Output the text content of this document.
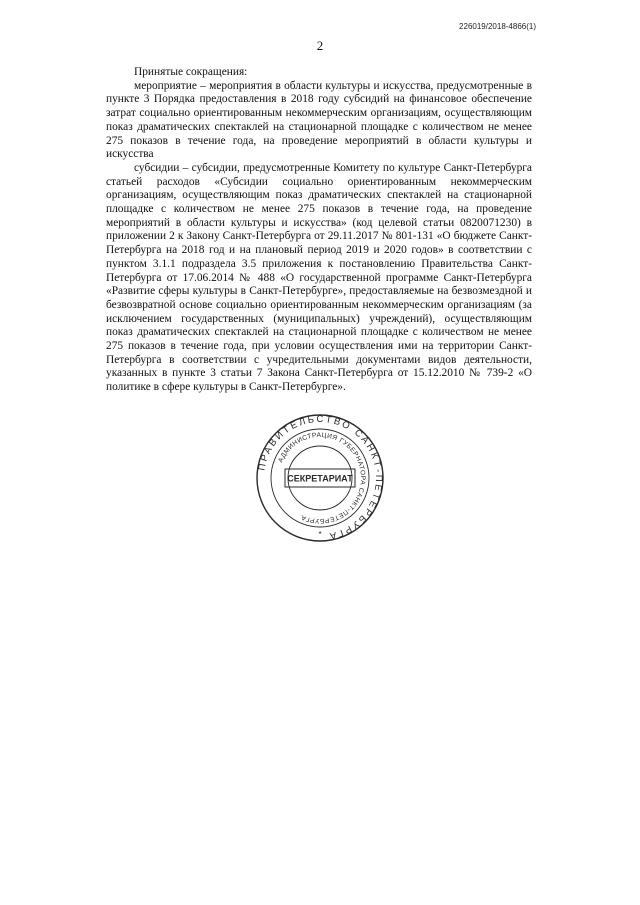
226019/2018-4866(1)
2

Принятые сокращения:

мероприятие – мероприятия в области культуры и искусства, предусмотренные в пункте 3 Порядка предоставления в 2018 году субсидий на финансовое обеспечение затрат социально ориентированным некоммерческим организациям, осуществляющим показ драматических спектаклей на стационарной площадке с количеством не менее 275 показов в течение года, на проведение мероприятий в области культуры и искусства

субсидии – субсидии, предусмотренные Комитету по культуре Санкт-Петербурга статьей расходов «Субсидии социально ориентированным некоммерческим организациям, осуществляющим показ драматических спектаклей на стационарной площадке с количеством не менее 275 показов в течение года, на проведение мероприятий в области культуры и искусства» (код целевой статьи 0820071230) в приложении 2 к Закону Санкт-Петербурга от 29.11.2017 № 801-131 «О бюджете Санкт-Петербурга на 2018 год и на плановый период 2019 и 2020 годов» в соответствии с пунктом 3.1.1 подраздела 3.5 приложения к постановлению Правительства Санкт-Петербурга от 17.06.2014 № 488 «О государственной программе Санкт-Петербурга «Развитие сферы культуры в Санкт-Петербурге», предоставляемые на безвозмездной и безвозвратной основе социально ориентированным некоммерческим организациям (за исключением государственных (муниципальных) учреждений), осуществляющим показ драматических спектаклей на стационарной площадке с количеством не менее 275 показов в течение года, при условии осуществления ими на территории Санкт-Петербурга в соответствии с учредительными документами видов деятельности, указанных в пункте 3 статьи 7 Закона Санкт-Петербурга от 15.12.2010 № 739-2 «О политике в сфере культуры в Санкт-Петербурге».

ПРАВИТЕЛЬСТВО САНКТ-ПЕТЕРБУРГА
АДМИНИСТРАЦИЯ ГУБЕРНАТОРА САНКТ-ПЕТЕРБУРГА
СЕКРЕТАРИАТ
*
